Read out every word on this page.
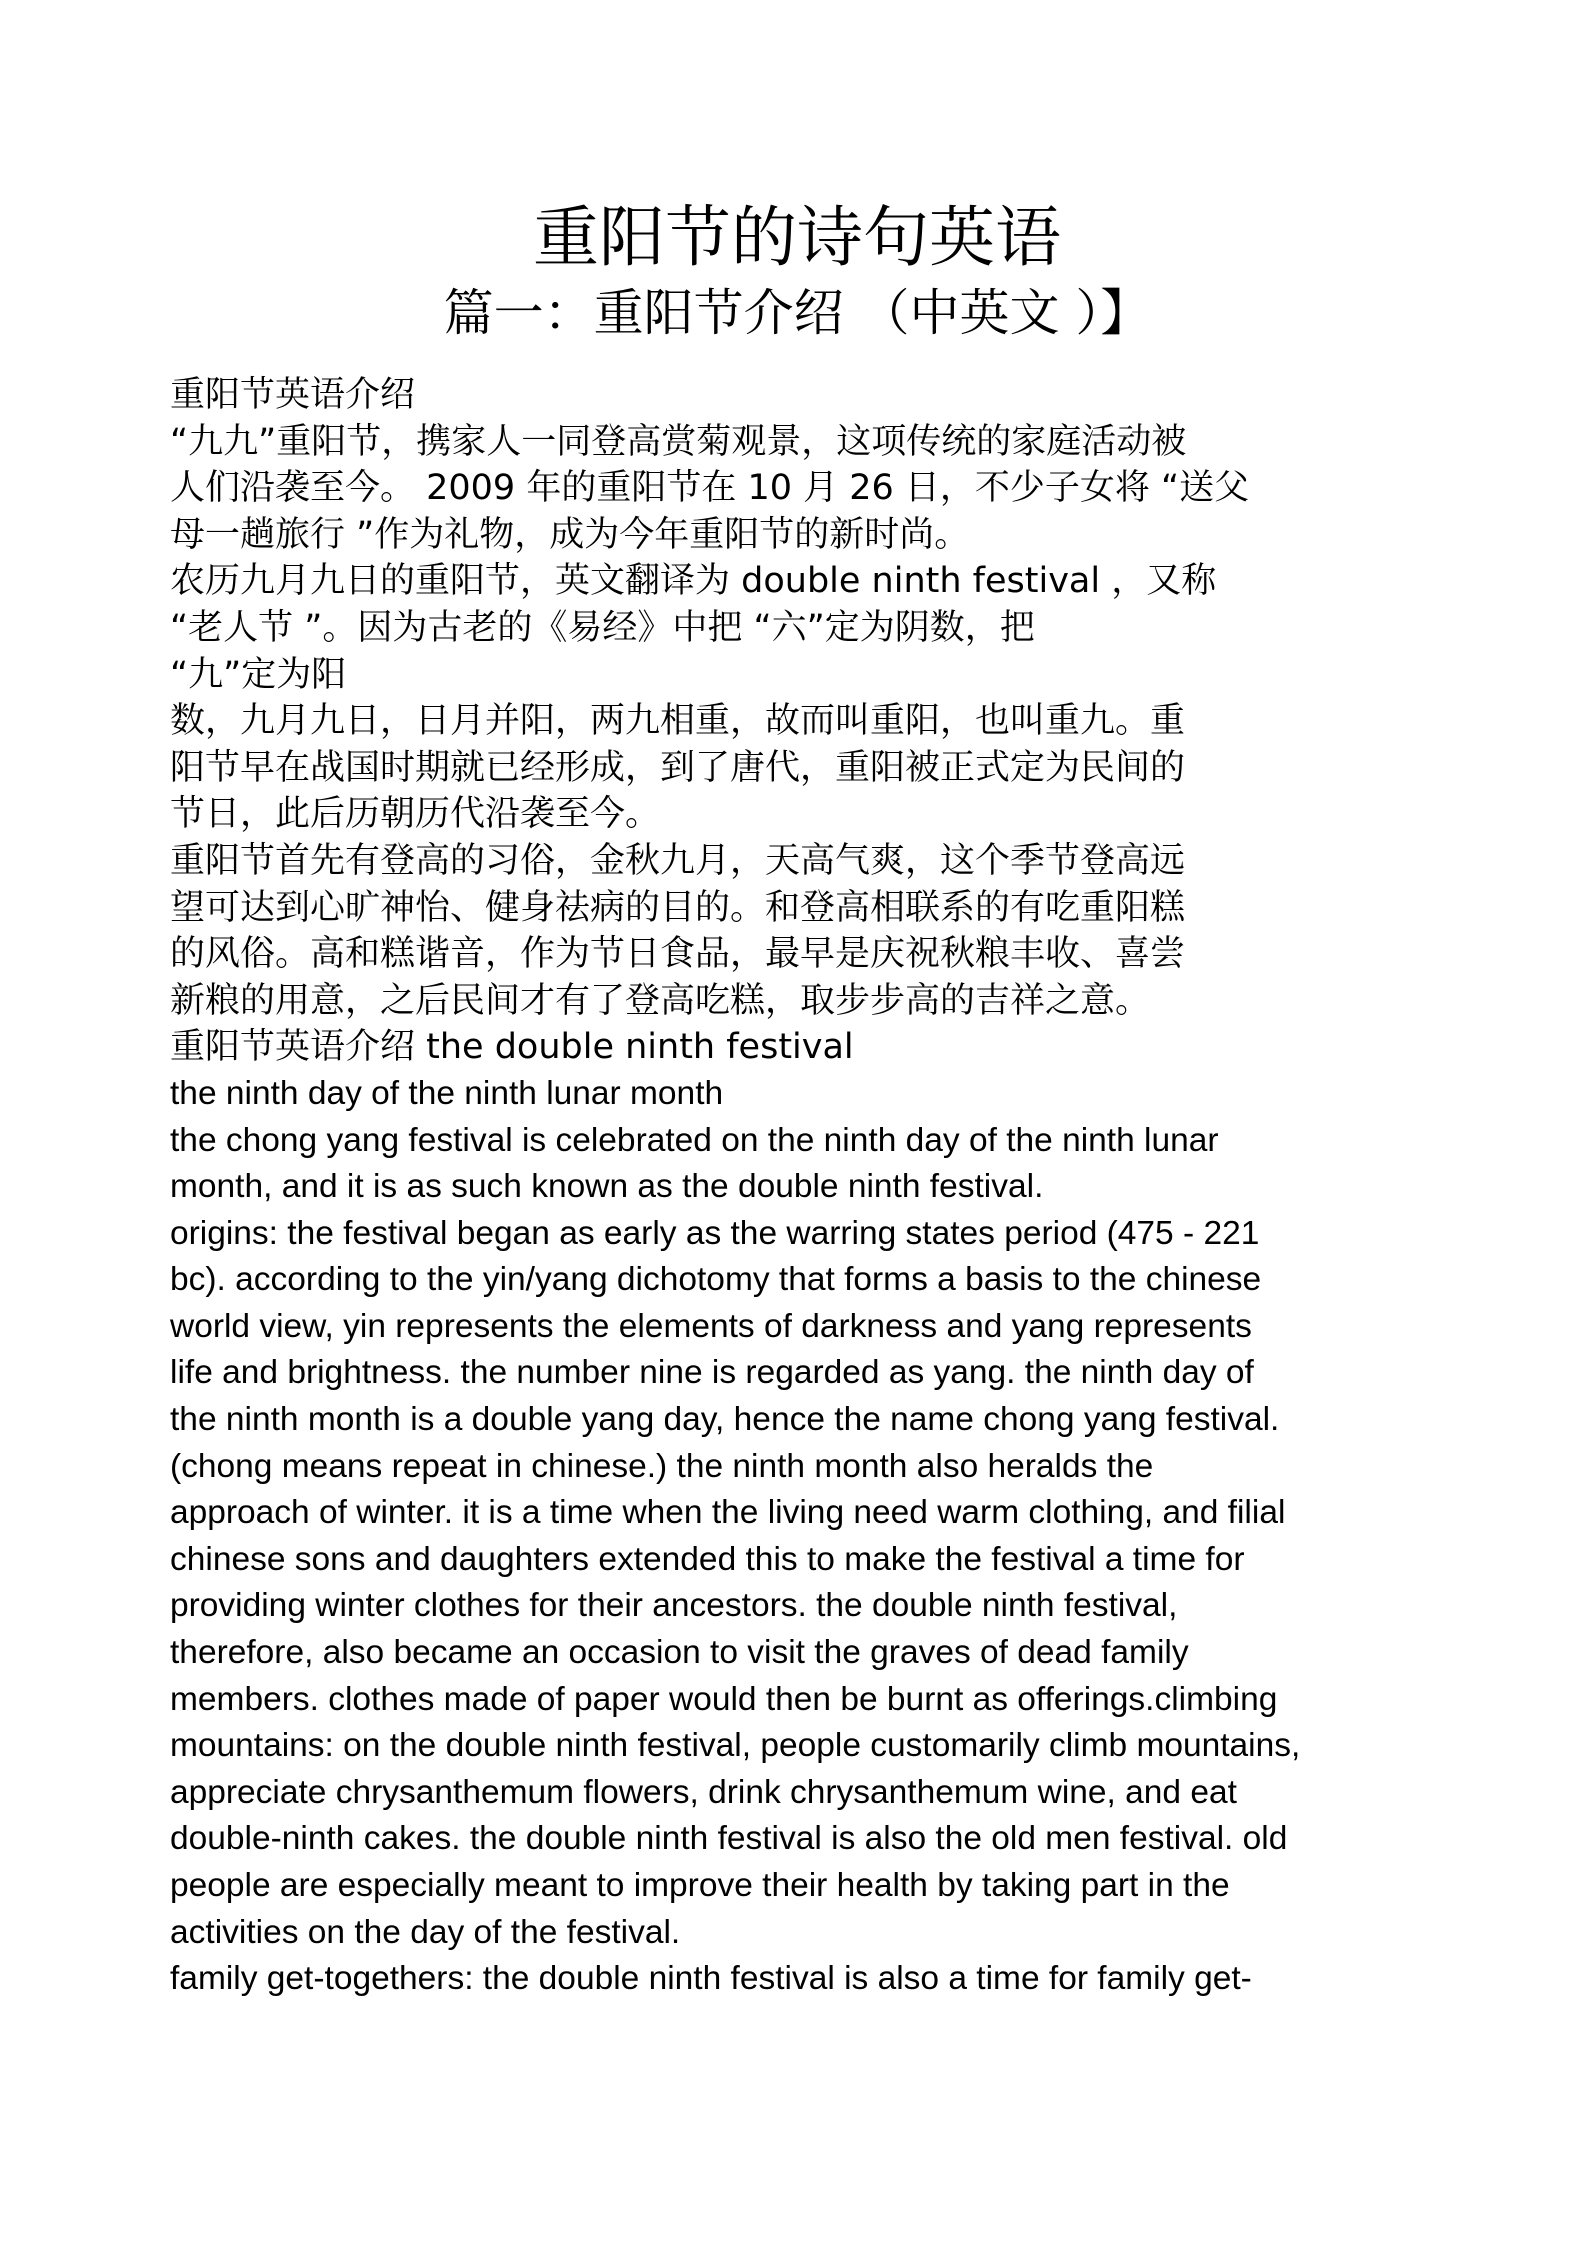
重阳节的诗句英语
篇一：重阳节介绍 （中英文 ）】
重阳节英语介绍
“九九”重阳节，携家人一同登高赏菊观景，这项传统的家庭活动被
人们沿袭至今。 2009 年的重阳节在 10 月 26 日，不少子女将 “送父
母一趟旅行 ”作为礼物，成为今年重阳节的新时尚。
农历九月九日的重阳节，英文翻译为 double ninth festival ，又称
“老人节 ”。因为古老的《易经》中把 “六”定为阴数，把
“九”定为阳
数，九月九日，日月并阳，两九相重，故而叫重阳，也叫重九。重
阳节早在战国时期就已经形成，到了唐代，重阳被正式定为民间的
节日，此后历朝历代沿袭至今。
重阳节首先有登高的习俗，金秋九月，天高气爽，这个季节登高远
望可达到心旷神怡、健身祛病的目的。和登高相联系的有吃重阳糕
的风俗。高和糕谐音，作为节日食品，最早是庆祝秋粮丰收、喜尝
新粮的用意，之后民间才有了登高吃糕，取步步高的吉祥之意。
重阳节英语介绍 the double ninth festival
the ninth day of the ninth lunar month
the chong yang festival is celebrated on the ninth day of the ninth lunar
month, and it is as such known as the double ninth festival.
origins: the festival began as early as the warring states period (475 - 221
bc). according to the yin/yang dichotomy that forms a basis to the chinese
world view, yin represents the elements of darkness and yang represents
life and brightness. the number nine is regarded as yang. the ninth day of
the ninth month is a double yang day, hence the name chong yang festival.
(chong means repeat in chinese.) the ninth month also heralds the
approach of winter. it is a time when the living need warm clothing, and filial
chinese sons and daughters extended this to make the festival a time for
providing winter clothes for their ancestors. the double ninth festival,
therefore, also became an occasion to visit the graves of dead family
members. clothes made of paper would then be burnt as offerings.climbing
mountains: on the double ninth festival, people customarily climb mountains,
appreciate chrysanthemum flowers, drink chrysanthemum wine, and eat
double-ninth cakes. the double ninth festival is also the old men festival. old
people are especially meant to improve their health by taking part in the
activities on the day of the festival.
family get-togethers: the double ninth festival is also a time for family get-
